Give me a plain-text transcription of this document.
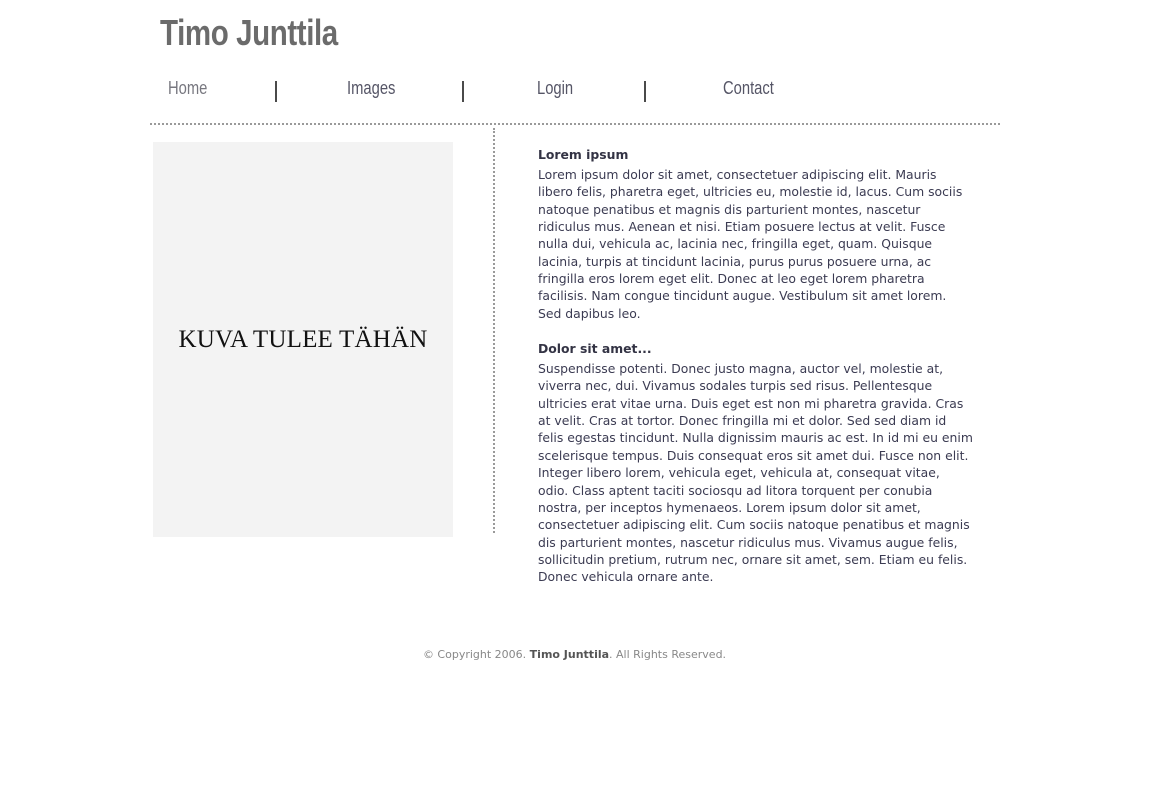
Timo Junttila
Home	Images	Login	Contact
KUVA TULEE TÄHÄN
Lorem ipsum

Lorem ipsum dolor sit amet, consectetuer adipiscing elit. Mauris libero felis, pharetra eget, ultricies eu, molestie id, lacus. Cum sociis natoque penatibus et magnis dis parturient montes, nascetur ridiculus mus. Aenean et nisi. Etiam posuere lectus at velit. Fusce nulla dui, vehicula ac, lacinia nec, fringilla eget, quam. Quisque lacinia, turpis at tincidunt lacinia, purus purus posuere urna, ac fringilla eros lorem eget elit. Donec at leo eget lorem pharetra facilisis. Nam congue tincidunt augue. Vestibulum sit amet lorem. Sed dapibus leo.

Dolor sit amet...

Suspendisse potenti. Donec justo magna, auctor vel, molestie at, viverra nec, dui. Vivamus sodales turpis sed risus. Pellentesque ultricies erat vitae urna. Duis eget est non mi pharetra gravida. Cras at velit. Cras at tortor. Donec fringilla mi et dolor. Sed sed diam id felis egestas tincidunt. Nulla dignissim mauris ac est. In id mi eu enim scelerisque tempus. Duis consequat eros sit amet dui. Fusce non elit. Integer libero lorem, vehicula eget, vehicula at, consequat vitae, odio. Class aptent taciti sociosqu ad litora torquent per conubia nostra, per inceptos hymenaeos. Lorem ipsum dolor sit amet, consectetuer adipiscing elit. Cum sociis natoque penatibus et magnis dis parturient montes, nascetur ridiculus mus. Vivamus augue felis, sollicitudin pretium, rutrum nec, ornare sit amet, sem. Etiam eu felis. Donec vehicula ornare ante.

© Copyright 2006. Timo Junttila. All Rights Reserved.
